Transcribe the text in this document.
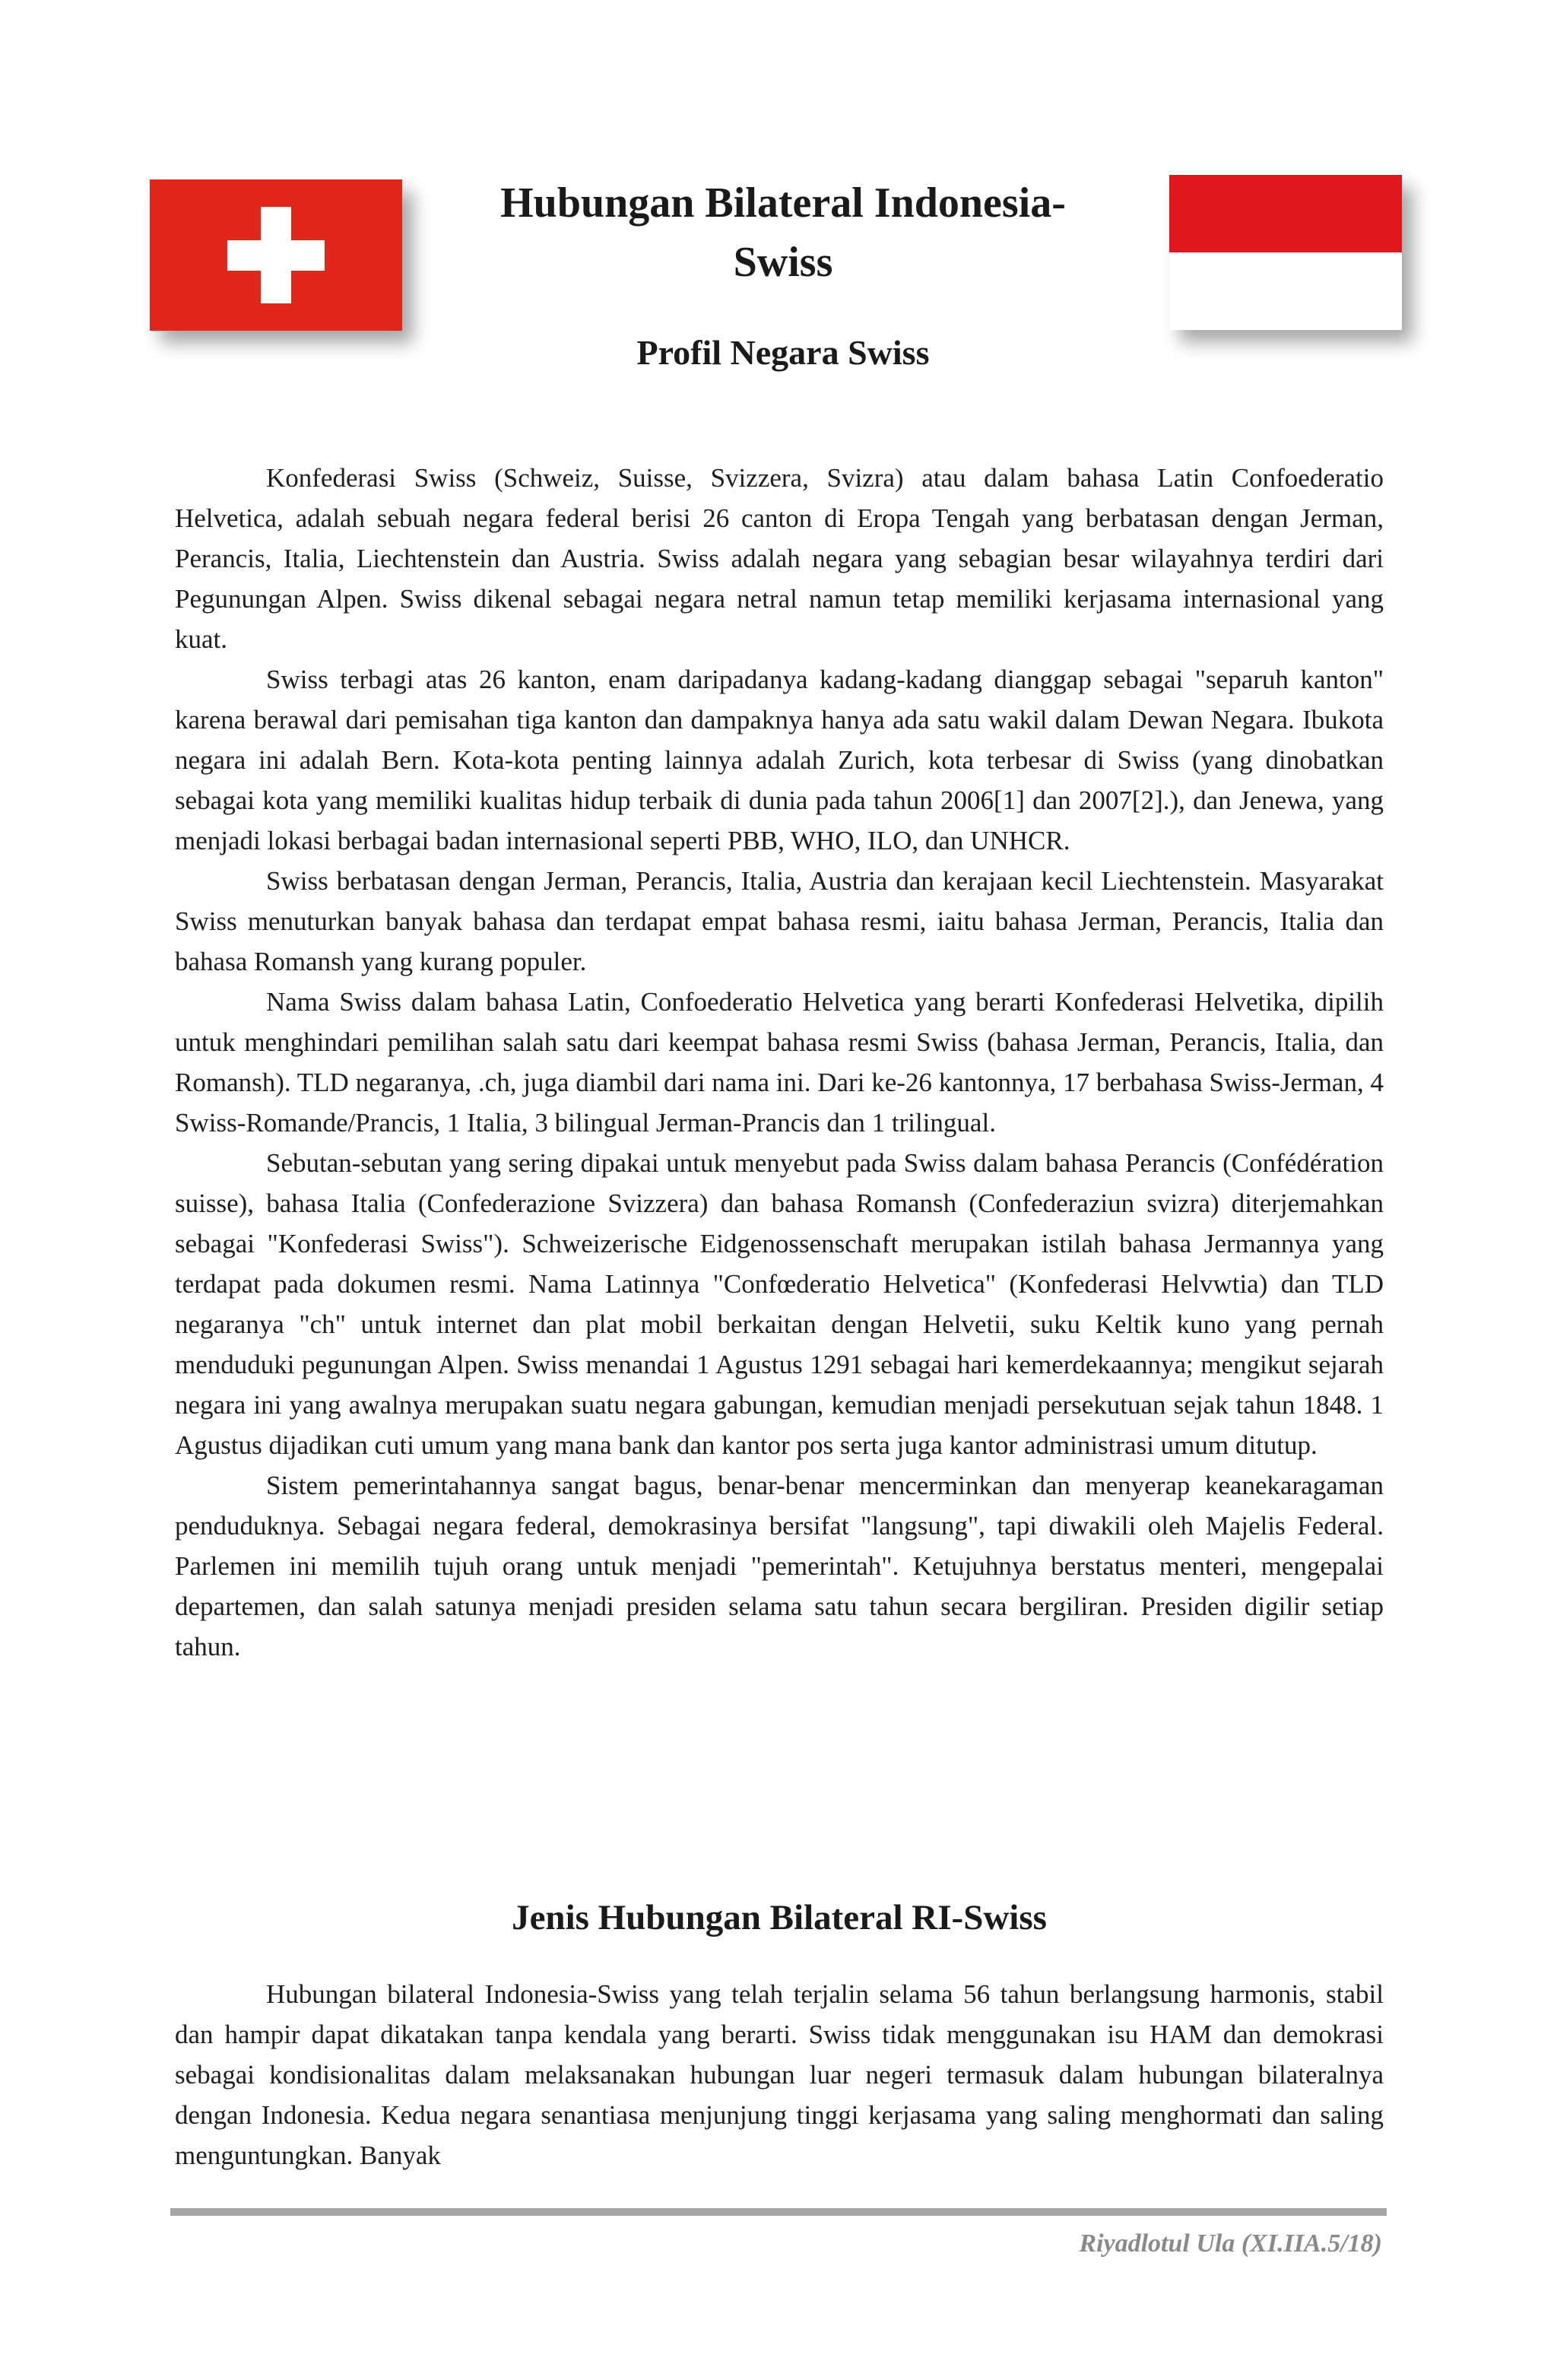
Hubungan Bilateral Indonesia-Swiss
Profil Negara Swiss

Konfederasi Swiss (Schweiz, Suisse, Svizzera, Svizra) atau dalam bahasa Latin Confoederatio Helvetica, adalah sebuah negara federal berisi 26 canton di Eropa Tengah yang berbatasan dengan Jerman, Perancis, Italia, Liechtenstein dan Austria. Swiss adalah negara yang sebagian besar wilayahnya terdiri dari Pegunungan Alpen. Swiss dikenal sebagai negara netral namun tetap memiliki kerjasama internasional yang kuat.

Swiss terbagi atas 26 kanton, enam daripadanya kadang-kadang dianggap sebagai "separuh kanton" karena berawal dari pemisahan tiga kanton dan dampaknya hanya ada satu wakil dalam Dewan Negara. Ibukota negara ini adalah Bern. Kota-kota penting lainnya adalah Zurich, kota terbesar di Swiss (yang dinobatkan sebagai kota yang memiliki kualitas hidup terbaik di dunia pada tahun 2006[1] dan 2007[2].), dan Jenewa, yang menjadi lokasi berbagai badan internasional seperti PBB, WHO, ILO, dan UNHCR.

Swiss berbatasan dengan Jerman, Perancis, Italia, Austria dan kerajaan kecil Liechtenstein. Masyarakat Swiss menuturkan banyak bahasa dan terdapat empat bahasa resmi, iaitu bahasa Jerman, Perancis, Italia dan bahasa Romansh yang kurang populer.

Nama Swiss dalam bahasa Latin, Confoederatio Helvetica yang berarti Konfederasi Helvetika, dipilih untuk menghindari pemilihan salah satu dari keempat bahasa resmi Swiss (bahasa Jerman, Perancis, Italia, dan Romansh). TLD negaranya, .ch, juga diambil dari nama ini. Dari ke-26 kantonnya, 17 berbahasa Swiss-Jerman, 4 Swiss-Romande/Prancis, 1 Italia, 3 bilingual Jerman-Prancis dan 1 trilingual.

Sebutan-sebutan yang sering dipakai untuk menyebut pada Swiss dalam bahasa Perancis (Confédération suisse), bahasa Italia (Confederazione Svizzera) dan bahasa Romansh (Confederaziun svizra) diterjemahkan sebagai "Konfederasi Swiss"). Schweizerische Eidgenossenschaft merupakan istilah bahasa Jermannya yang terdapat pada dokumen resmi. Nama Latinnya "Confœderatio Helvetica" (Konfederasi Helvwtia) dan TLD negaranya "ch" untuk internet dan plat mobil berkaitan dengan Helvetii, suku Keltik kuno yang pernah menduduki pegunungan Alpen. Swiss menandai 1 Agustus 1291 sebagai hari kemerdekaannya; mengikut sejarah negara ini yang awalnya merupakan suatu negara gabungan, kemudian menjadi persekutuan sejak tahun 1848. 1 Agustus dijadikan cuti umum yang mana bank dan kantor pos serta juga kantor administrasi umum ditutup.

Sistem pemerintahannya sangat bagus, benar-benar mencerminkan dan menyerap keanekaragaman penduduknya. Sebagai negara federal, demokrasinya bersifat "langsung", tapi diwakili oleh Majelis Federal. Parlemen ini memilih tujuh orang untuk menjadi "pemerintah". Ketujuhnya berstatus menteri, mengepalai departemen, dan salah satunya menjadi presiden selama satu tahun secara bergiliran. Presiden digilir setiap tahun.

Jenis Hubungan Bilateral RI-Swiss

Hubungan bilateral Indonesia-Swiss yang telah terjalin selama 56 tahun berlangsung harmonis, stabil dan hampir dapat dikatakan tanpa kendala yang berarti. Swiss tidak menggunakan isu HAM dan demokrasi sebagai kondisionalitas dalam melaksanakan hubungan luar negeri termasuk dalam hubungan bilateralnya dengan Indonesia. Kedua negara senantiasa menjunjung tinggi kerjasama yang saling menghormati dan saling menguntungkan. Banyak

Riyadlotul Ula (XI.IIA.5/18)
